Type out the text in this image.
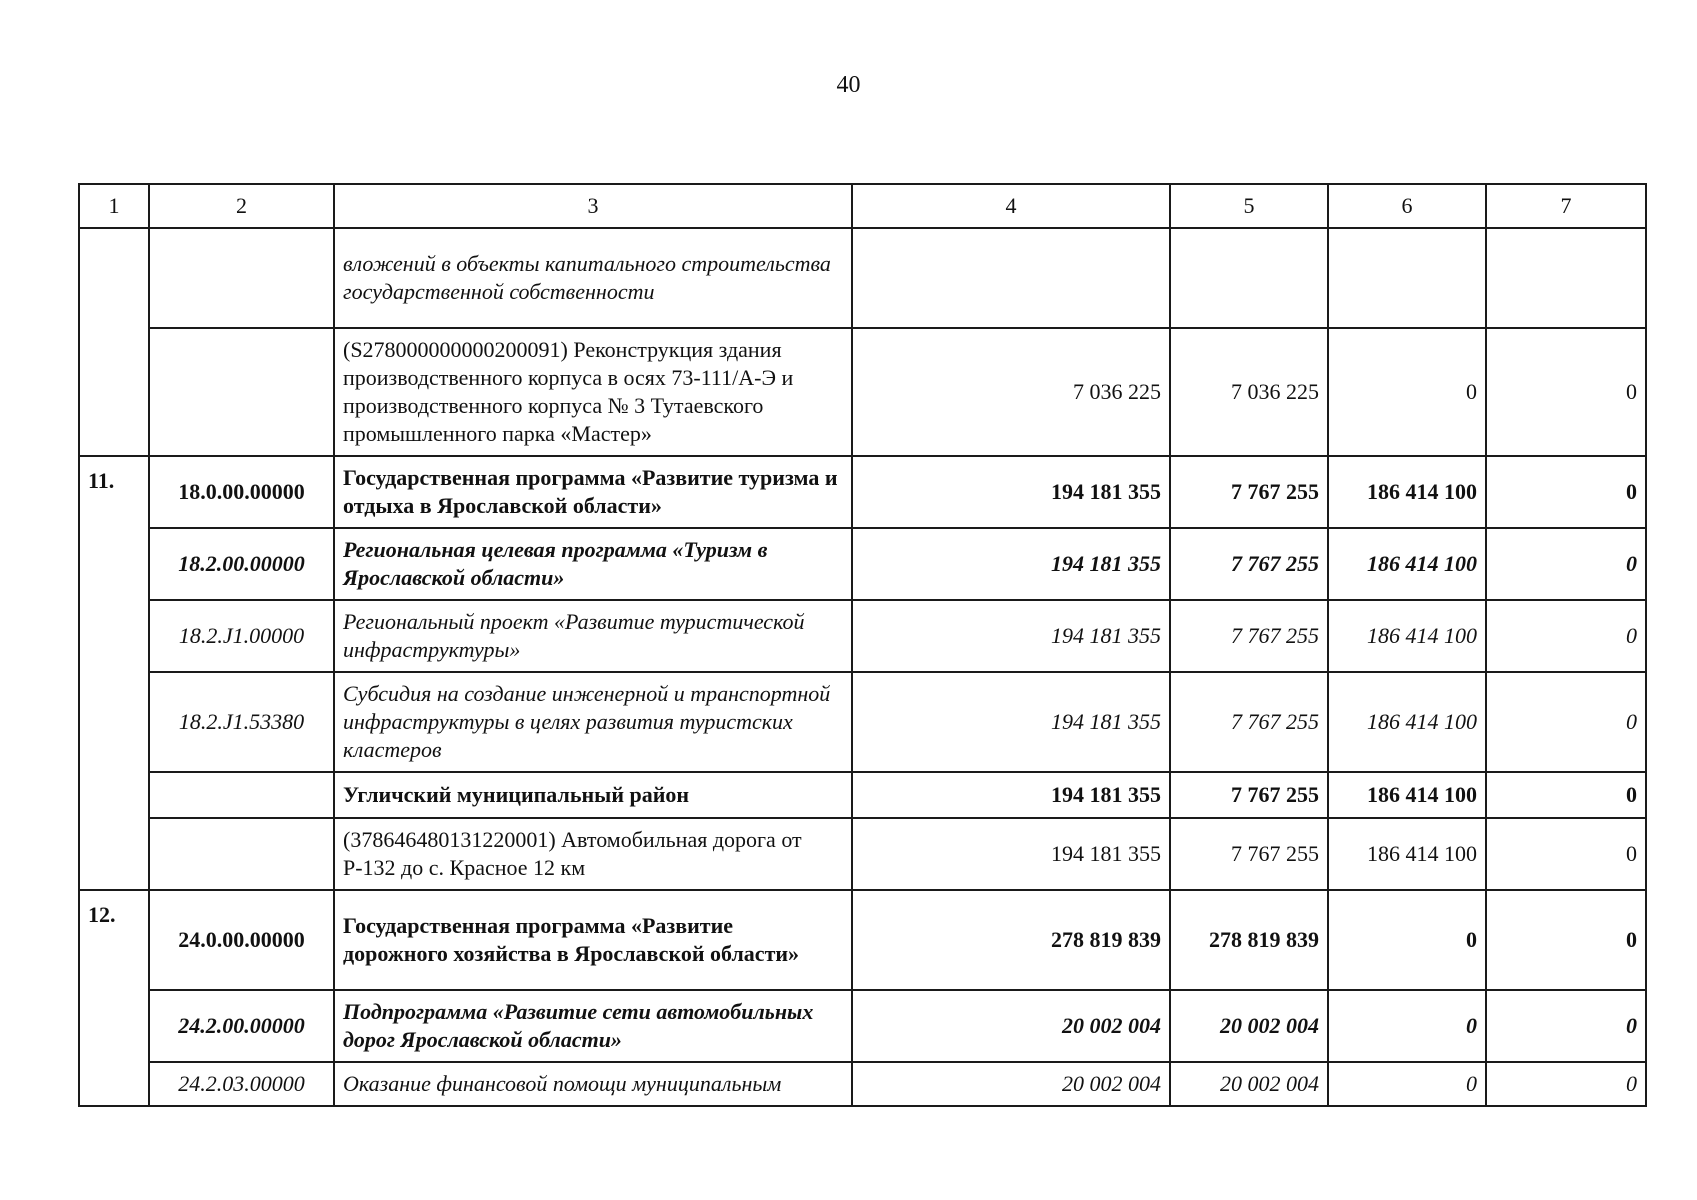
40
1	2	3	4	5	6	7
		вложений в объекты капитального строительства государственной собственности				
		(S278000000000200091) Реконструкция здания производственного корпуса в осях 73-111/А-Э и производственного корпуса № 3 Тутаевского промышленного парка «Мастер»	7 036 225	7 036 225	0	0
11.	18.0.00.00000	Государственная программа «Развитие туризма и отдыха в Ярославской области»	194 181 355	7 767 255	186 414 100	0
	18.2.00.00000	Региональная целевая программа «Туризм в Ярославской области»	194 181 355	7 767 255	186 414 100	0
	18.2.J1.00000	Региональный проект «Развитие туристической инфраструктуры»	194 181 355	7 767 255	186 414 100	0
	18.2.J1.53380	Субсидия на создание инженерной и транспортной инфраструктуры в целях развития туристских кластеров	194 181 355	7 767 255	186 414 100	0
		Угличский муниципальный район	194 181 355	7 767 255	186 414 100	0
		(378646480131220001) Автомобильная дорога от Р-132 до с. Красное 12 км	194 181 355	7 767 255	186 414 100	0
12.	24.0.00.00000	Государственная программа «Развитие дорожного хозяйства в Ярославской области»	278 819 839	278 819 839	0	0
	24.2.00.00000	Подпрограмма «Развитие сети автомобильных дорог Ярославской области»	20 002 004	20 002 004	0	0
	24.2.03.00000	Оказание финансовой помощи муниципальным	20 002 004	20 002 004	0	0
